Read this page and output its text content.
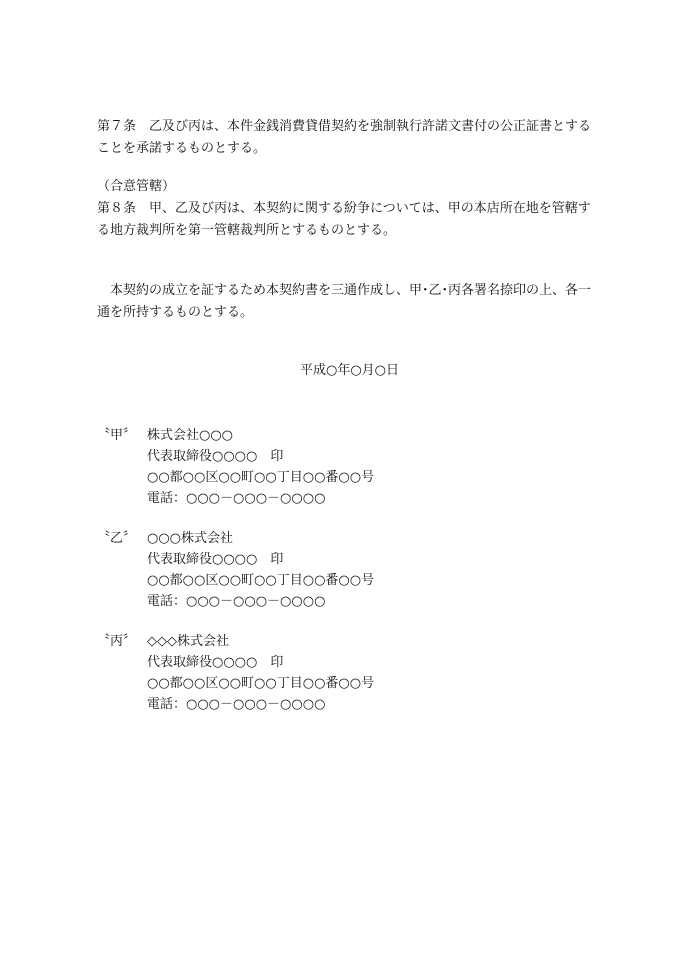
第７条　乙及び丙は、本件金銭消費貸借契約を強制執行許諾文書付の公正証書とする
ことを承諾するものとする。
（合意管轄）
第８条　甲、乙及び丙は、本契約に関する紛争については、甲の本店所在地を管轄す
る地方裁判所を第一管轄裁判所とするものとする。
本契約の成立を証するため本契約書を三通作成し、甲･乙･丙各署名捺印の上、各一
通を所持するものとする。
平成○年○月○日
〝甲〞 株式会社○○○
代表取締役○○○○　印
○○都○○区○○町○○丁目○○番○○号
電話：○○○－○○○－○○○○
〝乙〞 ○○○株式会社
代表取締役○○○○　印
○○都○○区○○町○○丁目○○番○○号
電話：○○○－○○○－○○○○
〝丙〞 ◇◇◇株式会社
代表取締役○○○○　印
○○都○○区○○町○○丁目○○番○○号
電話：○○○－○○○－○○○○
